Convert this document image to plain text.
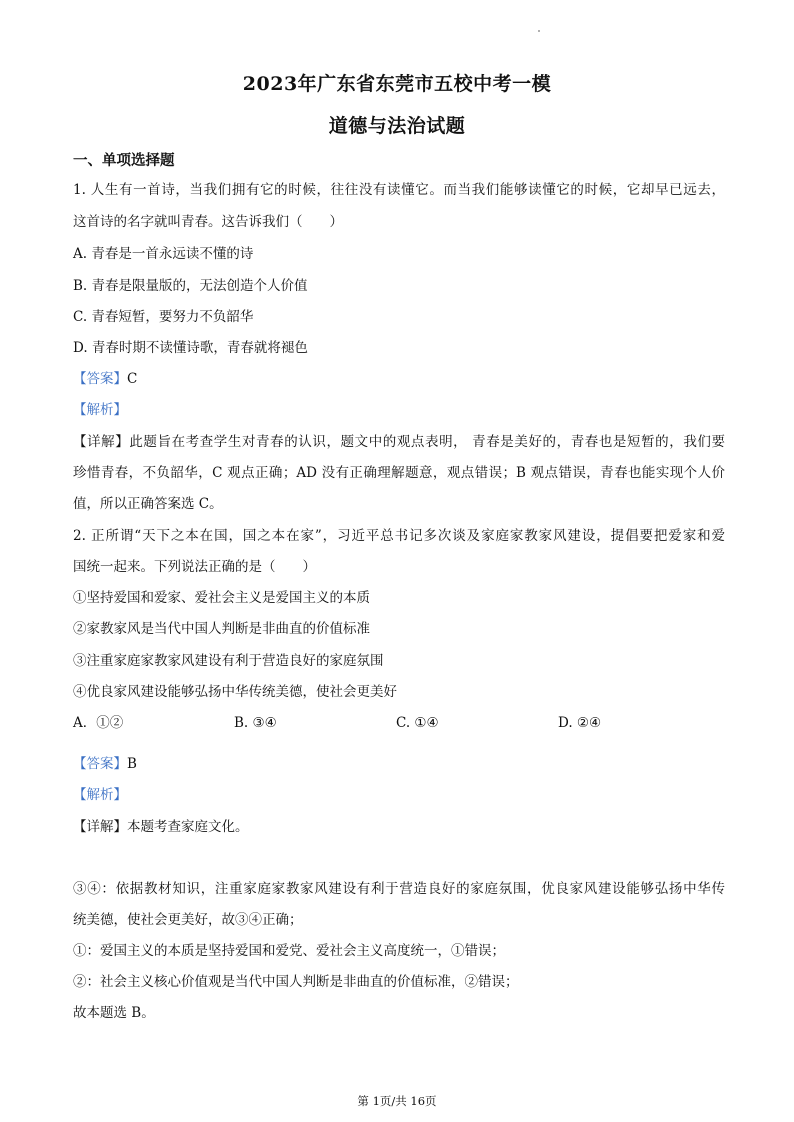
2023年广东省东莞市五校中考一模
道德与法治试题
一、单项选择题
1. 人生有一首诗，当我们拥有它的时候，往往没有读懂它。而当我们能够读懂它的时候，它却早已远去，
这首诗的名字就叫青春。这告诉我们（　　）
A. 青春是一首永远读不懂的诗
B. 青春是限量版的，无法创造个人价值
C. 青春短暂，要努力不负韶华
D. 青春时期不读懂诗歌，青春就将褪色
【答案】C
【解析】
【详解】此题旨在考查学生对青春的认识，题文中的观点表明， 青春是美好的，青春也是短暂的，我们要
珍惜青春，不负韶华，C 观点正确；AD 没有正确理解题意，观点错误；B 观点错误，青春也能实现个人价
值，所以正确答案选 C。
2. 正所谓“天下之本在国，国之本在家”，习近平总书记多次谈及家庭家教家风建设，提倡要把爱家和爱
国统一起来。下列说法正确的是（　　）
①坚持爱国和爱家、爱社会主义是爱国主义的本质
②家教家风是当代中国人判断是非曲直的价值标准
③注重家庭家教家风建设有利于营造良好的家庭氛围
④优良家风建设能够弘扬中华传统美德，使社会更美好
A．①②	B. ③④	C. ①④	D. ②④
【答案】B
【解析】
【详解】本题考查家庭文化。
③④：依据教材知识，注重家庭家教家风建设有利于营造良好的家庭氛围，优良家风建设能够弘扬中华传
统美德，使社会更美好，故③④正确；
①：爱国主义的本质是坚持爱国和爱党、爱社会主义高度统一，①错误；
②：社会主义核心价值观是当代中国人判断是非曲直的价值标准，②错误；
故本题选 B。
第 1页/共 16页
